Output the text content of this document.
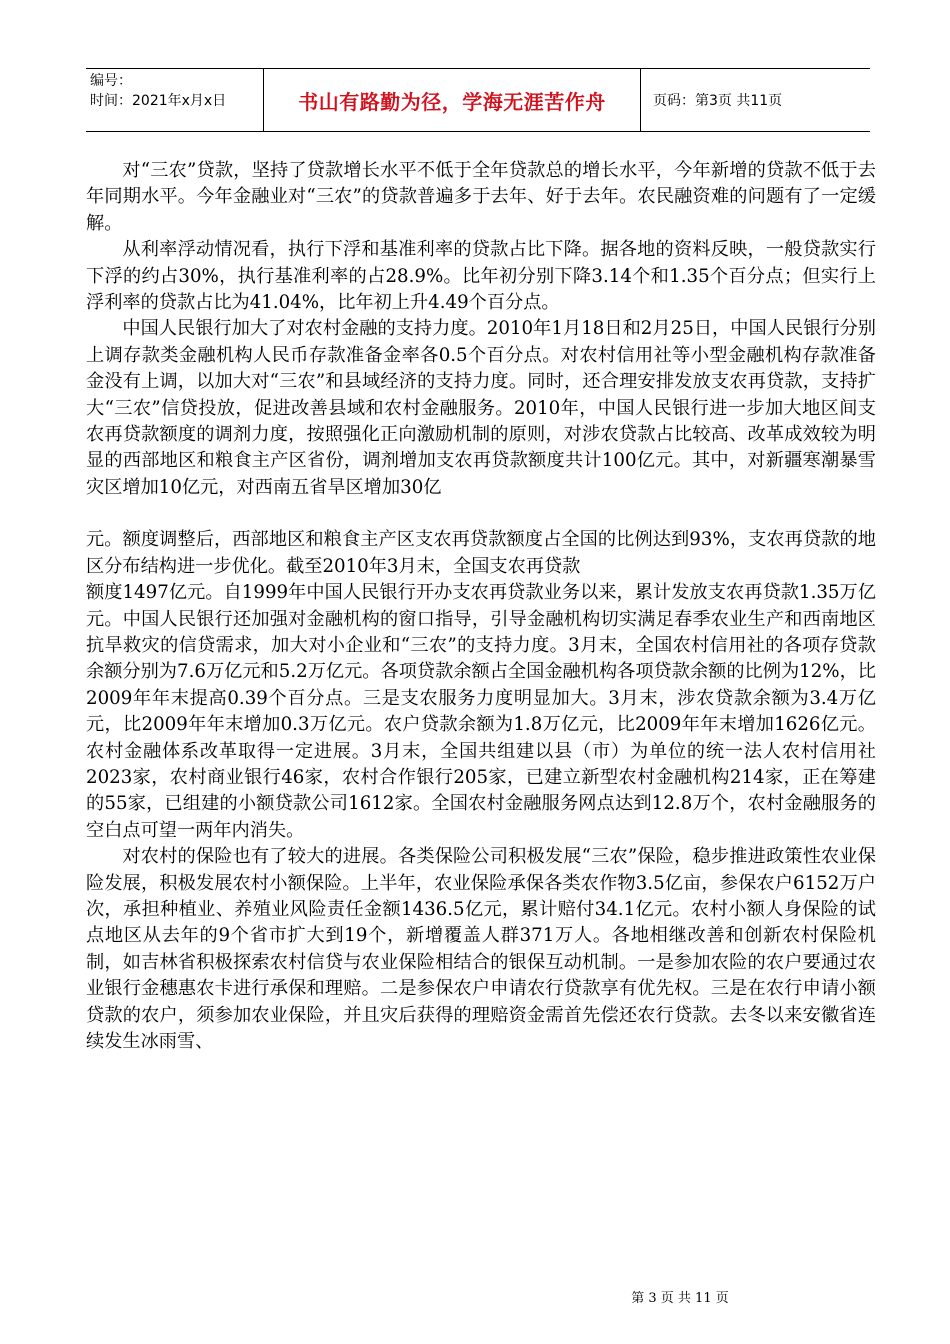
编号：
时间：2021年x月x日	书山有路勤为径，学海无涯苦作舟	页码：第3页 共11页

对“三农”贷款，坚持了贷款增长水平不低于全年贷款总的增长水平，今年新增的贷款不低于去年同期水平。今年金融业对“三农”的贷款普遍多于去年、好于去年。农民融资难的问题有了一定缓解。

从利率浮动情况看，执行下浮和基准利率的贷款占比下降。据各地的资料反映，一般贷款实行下浮的约占30%，执行基准利率的占28.9%。比年初分别下降3.14个和1.35个百分点；但实行上浮利率的贷款占比为41.04%，比年初上升4.49个百分点。

中国人民银行加大了对农村金融的支持力度。2010年1月18日和2月25日，中国人民银行分别上调存款类金融机构人民币存款准备金率各0.5个百分点。对农村信用社等小型金融机构存款准备金没有上调，以加大对“三农”和县域经济的支持力度。同时，还合理安排发放支农再贷款，支持扩大“三农”信贷投放，促进改善县域和农村金融服务。2010年，中国人民银行进一步加大地区间支农再贷款额度的调剂力度，按照强化正向激励机制的原则，对涉农贷款占比较高、改革成效较为明显的西部地区和粮食主产区省份，调剂增加支农再贷款额度共计100亿元。其中，对新疆寒潮暴雪灾区增加10亿元，对西南五省旱区增加30亿

元。额度调整后，西部地区和粮食主产区支农再贷款额度占全国的比例达到93%，支农再贷款的地区分布结构进一步优化。截至2010年3月末，全国支农再贷款

额度1497亿元。自1999年中国人民银行开办支农再贷款业务以来，累计发放支农再贷款1.35万亿元。中国人民银行还加强对金融机构的窗口指导，引导金融机构切实满足春季农业生产和西南地区抗旱救灾的信贷需求，加大对小企业和“三农”的支持力度。3月末，全国农村信用社的各项存贷款余额分别为7.6万亿元和5.2万亿元。各项贷款余额占全国金融机构各项贷款余额的比例为12%，比2009年年末提高0.39个百分点。三是支农服务力度明显加大。3月末，涉农贷款余额为3.4万亿元，比2009年年末增加0.3万亿元。农户贷款余额为1.8万亿元，比2009年年末增加1626亿元。农村金融体系改革取得一定进展。3月末，全国共组建以县（市）为单位的统一法人农村信用社2023家，农村商业银行46家，农村合作银行205家，已建立新型农村金融机构214家，正在筹建的55家，已组建的小额贷款公司1612家。全国农村金融服务网点达到12.8万个，农村金融服务的空白点可望一两年内消失。

对农村的保险也有了较大的进展。各类保险公司积极发展“三农”保险，稳步推进政策性农业保险发展，积极发展农村小额保险。上半年，农业保险承保各类农作物3.5亿亩，参保农户6152万户次，承担种植业、养殖业风险责任金额1436.5亿元，累计赔付34.1亿元。农村小额人身保险的试点地区从去年的9个省市扩大到19个，新增覆盖人群371万人。各地相继改善和创新农村保险机制，如吉林省积极探索农村信贷与农业保险相结合的银保互动机制。一是参加农险的农户要通过农业银行金穗惠农卡进行承保和理赔。二是参保农户申请农行贷款享有优先权。三是在农行申请小额贷款的农户，须参加农业保险，并且灾后获得的理赔资金需首先偿还农行贷款。去冬以来安徽省连续发生冰雨雪、

第 3 页 共 11 页
